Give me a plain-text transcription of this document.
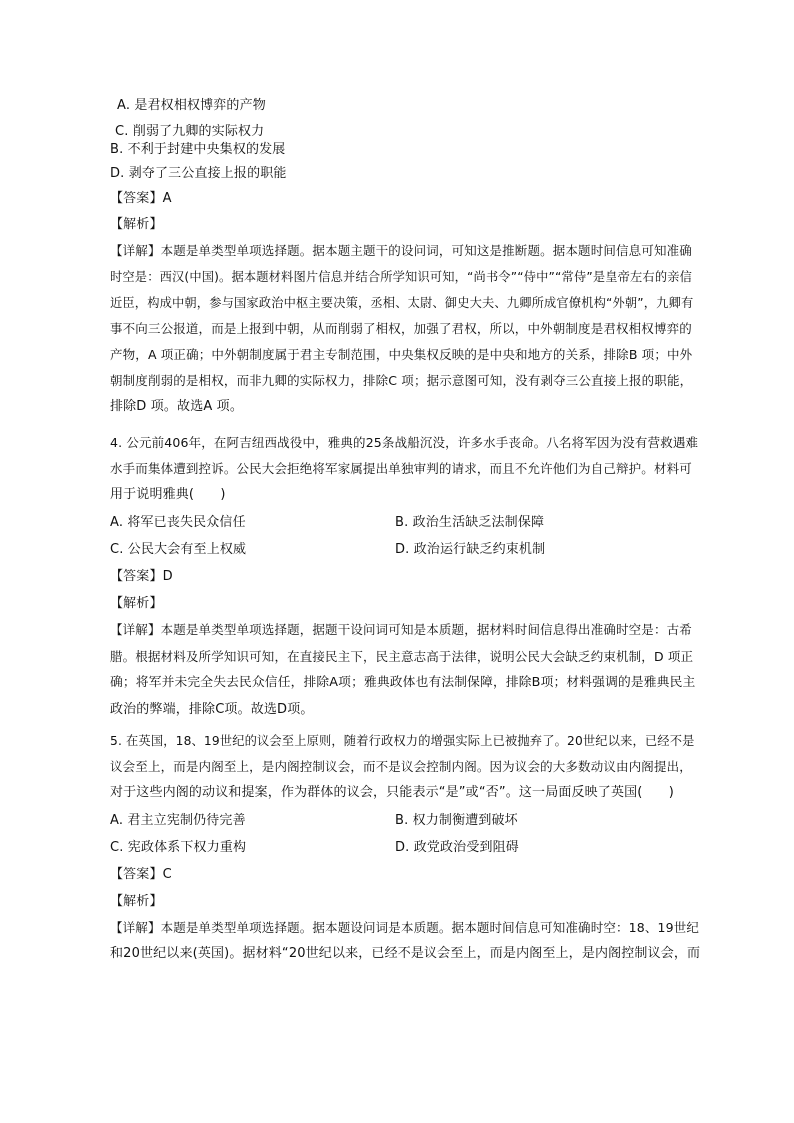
A. 是君权相权博弈的产物
C. 削弱了九卿的实际权力
B. 不利于封建中央集权的发展
D. 剥夺了三公直接上报的职能
【答案】A
【解析】
【详解】本题是单类型单项选择题。据本题主题干的设问词，可知这是推断题。据本题时间信息可知准确
时空是：西汉(中国)。据本题材料图片信息并结合所学知识可知，“尚书令”“侍中”“常侍”是皇帝左右的亲信
近臣，构成中朝，参与国家政治中枢主要决策，丞相、太尉、御史大夫、九卿所成官僚机构“外朝”，九卿有
事不向三公报道，而是上报到中朝，从而削弱了相权，加强了君权，所以，中外朝制度是君权相权博弈的
产物，A 项正确；中外朝制度属于君主专制范围，中央集权反映的是中央和地方的关系，排除B 项；中外
朝制度削弱的是相权，而非九卿的实际权力，排除C 项；据示意图可知，没有剥夺三公直接上报的职能，
排除D 项。故选A 项。
4. 公元前406年，在阿吉纽西战役中，雅典的25条战船沉没，许多水手丧命。八名将军因为没有营救遇难
水手而集体遭到控诉。公民大会拒绝将军家属提出单独审判的请求，而且不允许他们为自己辩护。材料可
用于说明雅典(　　)
A. 将军已丧失民众信任	B. 政治生活缺乏法制保障
C. 公民大会有至上权威	D. 政治运行缺乏约束机制
【答案】D
【解析】
【详解】本题是单类型单项选择题，据题干设问词可知是本质题，据材料时间信息得出准确时空是：古希
腊。根据材料及所学知识可知，在直接民主下，民主意志高于法律，说明公民大会缺乏约束机制，D 项正
确；将军并未完全失去民众信任，排除A项；雅典政体也有法制保障，排除B项；材料强调的是雅典民主
政治的弊端，排除C项。故选D项。
5. 在英国，18、19世纪的议会至上原则，随着行政权力的增强实际上已被抛弃了。20世纪以来，已经不是
议会至上，而是内阁至上，是内阁控制议会，而不是议会控制内阁。因为议会的大多数动议由内阁提出，
对于这些内阁的动议和提案，作为群体的议会，只能表示“是”或“否”。这一局面反映了英国(　　)
A. 君主立宪制仍待完善	B. 权力制衡遭到破坏
C. 宪政体系下权力重构	D. 政党政治受到阻碍
【答案】C
【解析】
【详解】本题是单类型单项选择题。据本题设问词是本质题。据本题时间信息可知准确时空：18、19世纪
和20世纪以来(英国)。据材料“20世纪以来，已经不是议会至上，而是内阁至上，是内阁控制议会，而
